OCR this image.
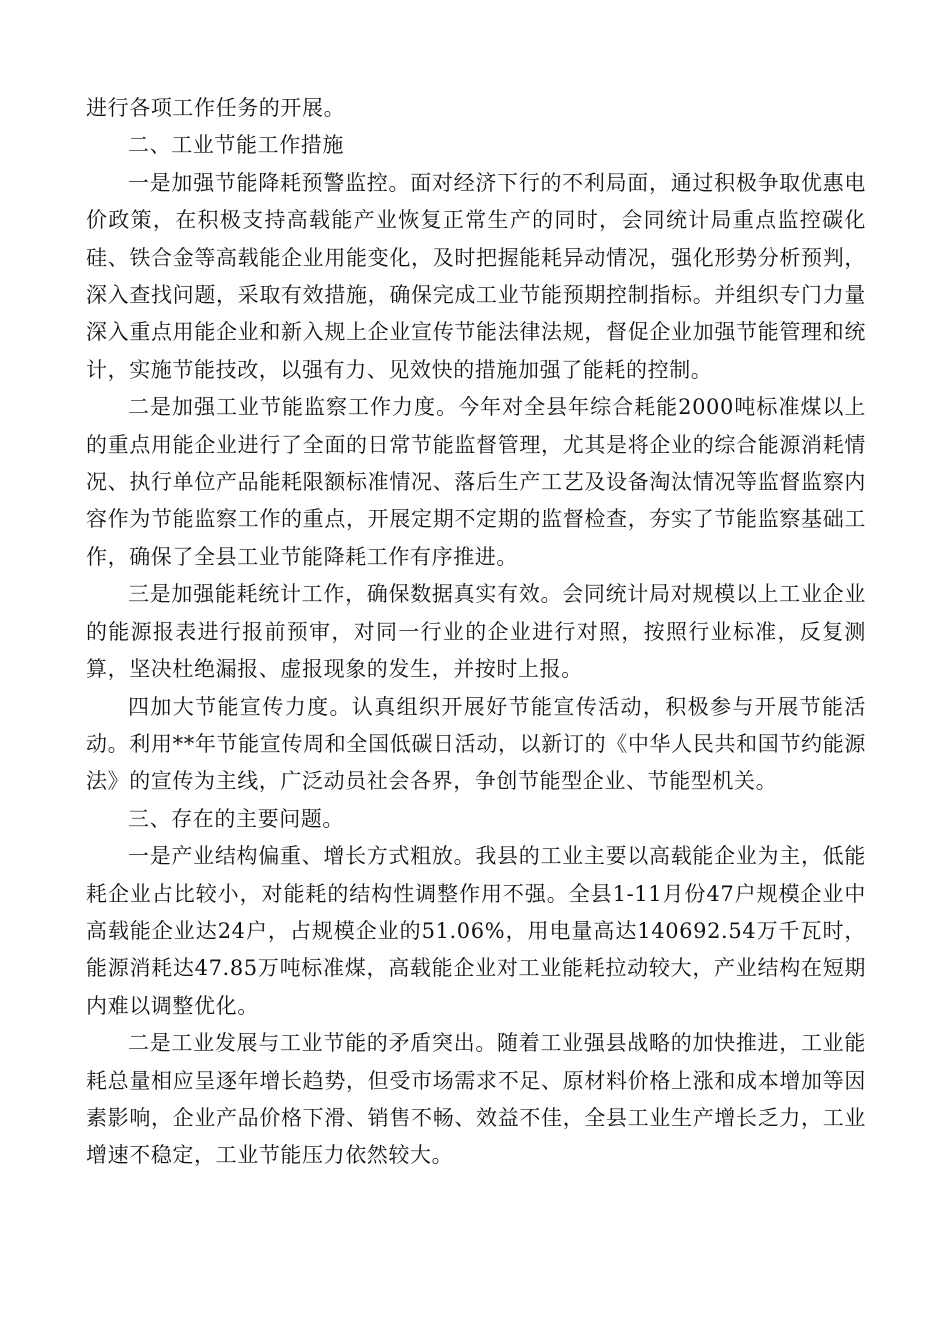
进行各项工作任务的开展。

二、工业节能工作措施

一是加强节能降耗预警监控。面对经济下行的不利局面，通过积极争取优惠电价政策，在积极支持高载能产业恢复正常生产的同时，会同统计局重点监控碳化硅、铁合金等高载能企业用能变化，及时把握能耗异动情况，强化形势分析预判，深入查找问题，采取有效措施，确保完成工业节能预期控制指标。并组织专门力量深入重点用能企业和新入规上企业宣传节能法律法规，督促企业加强节能管理和统计，实施节能技改，以强有力、见效快的措施加强了能耗的控制。

二是加强工业节能监察工作力度。今年对全县年综合耗能2000吨标准煤以上的重点用能企业进行了全面的日常节能监督管理，尤其是将企业的综合能源消耗情况、执行单位产品能耗限额标准情况、落后生产工艺及设备淘汰情况等监督监察内容作为节能监察工作的重点，开展定期不定期的监督检查，夯实了节能监察基础工作，确保了全县工业节能降耗工作有序推进。

三是加强能耗统计工作，确保数据真实有效。会同统计局对规模以上工业企业的能源报表进行报前预审，对同一行业的企业进行对照，按照行业标准，反复测算，坚决杜绝漏报、虚报现象的发生，并按时上报。

四加大节能宣传力度。认真组织开展好节能宣传活动，积极参与开展节能活动。利用**年节能宣传周和全国低碳日活动，以新订的《中华人民共和国节约能源法》的宣传为主线，广泛动员社会各界，争创节能型企业、节能型机关。

三、存在的主要问题。

一是产业结构偏重、增长方式粗放。我县的工业主要以高载能企业为主，低能耗企业占比较小，对能耗的结构性调整作用不强。全县1-11月份47户规模企业中高载能企业达24户，占规模企业的51.06%，用电量高达140692.54万千瓦时，能源消耗达47.85万吨标准煤，高载能企业对工业能耗拉动较大，产业结构在短期内难以调整优化。

二是工业发展与工业节能的矛盾突出。随着工业强县战略的加快推进，工业能耗总量相应呈逐年增长趋势，但受市场需求不足、原材料价格上涨和成本增加等因素影响，企业产品价格下滑、销售不畅、效益不佳，全县工业生产增长乏力，工业增速不稳定，工业节能压力依然较大。
